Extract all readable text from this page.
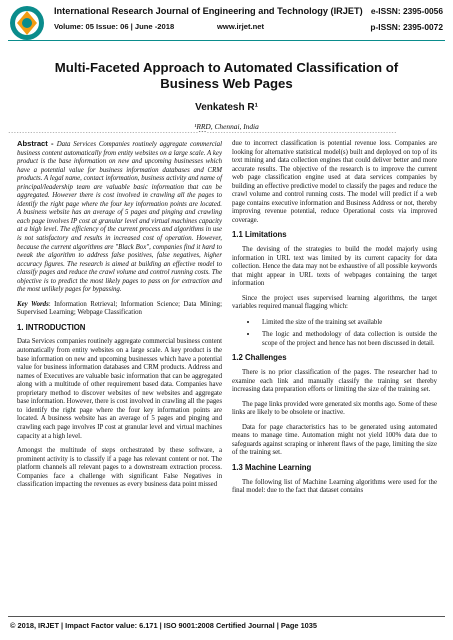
International Research Journal of Engineering and Technology (IRJET) e-ISSN: 2395-0056
Volume: 05 Issue: 06 | June -2018	www.irjet.net	p-ISSN: 2395-0072
Multi-Faceted Approach to Automated Classification of Business Web Pages
Venkatesh R¹
¹RRD, Chennai, India
---------------------------------------------------------------------***---------------------------------------------------------------------

Abstract - Data Services Companies routinely aggregate commercial business content automatically from entity websites on a large scale. A key product is the base information on new and upcoming businesses which have a potential value for business information databases and CRM products. A legal name, contact information, business activity and name of principal/leadership team are valuable basic information that can be aggregated. However there is cost involved in crawling all the pages to identify the right page where the four key information points are located. A business website has an average of 5 pages and pinging and crawling each page involves IP cost at granular level and virtual machines capacity at a high level. The efficiency of the current process and algorithms in use is not satisfactory and results in increased cost of operation. However, because the current algorithms are "Black Box", companies find it hard to tweak the algorithm to address false positives, false negatives, higher accuracy figures. The research is aimed at building an effective model to classify pages and reduce the crawl volume and control running costs. The objective is to predict the most likely pages to pass on for extraction and the most unlikely pages for bypassing.

Key Words: Information Retrieval; Information Science; Data Mining; Supervised Learning; Webpage Classification

1. INTRODUCTION

Data Services companies routinely aggregate commercial business content automatically from entity websites on a large scale. A key product is the base information on new and upcoming businesses which have a potential value for business information databases and CRM products. Address and names of Executives are valuable basic information that can be aggregated along with a multitude of other requirement based data. Companies have proprietary method to discover websites of new websites and aggregate base information. However, there is cost involved in crawling all the pages to identify the right page where the four key information points are located. A business website has an average of 5 pages and pinging and crawling each page involves IP cost at granular level and virtual machines capacity at a high level.

Amongst the multitude of steps orchestrated by these software, a prominent activity is to classify if a page has relevant content or not. The platform channels all relevant pages to a downstream extraction process. Companies face a challenge with significant False Negatives in classification impacting the revenues as every business data point missed

due to incorrect classification is potential revenue loss. Companies are looking for alternative statistical model(s) built and deployed on top of its text mining and data collection engines that could deliver better and more accurate results. The objective of the research is to improve the current web page classification engine used at data services companies by building an effective predictive model to classify the pages and reduce the crawl volume and control running costs. The model will predict if a web page contains executive information and Business Address or not, thereby improving revenue potential, reduce Operational costs via improved coverage.

1.1 Limitations

The devising of the strategies to build the model majorly using information in URL text was limited by its current capacity for data collection. Hence the data may not be exhaustive of all possible keywords that might appear in URL texts of webpages containing the target information

Since the project uses supervised learning algorithms, the target variables required manual flagging which:

• Limited the size of the training set available
• The logic and methodology of data collection is outside the scope of the project and hence has not been discussed in detail.
1.2 Challenges

There is no prior classification of the pages. The researcher had to examine each link and manually classify the training set thereby increasing data preparation efforts or limiting the size of the training set.

The page links provided were generated six months ago. Some of these links are likely to be obsolete or inactive.

Data for page characteristics has to be generated using automated means to manage time. Automation might not yield 100% data due to safeguards against scraping or inherent flaws of the page, limiting the size of the training set.

1.3 Machine Learning

The following list of Machine Learning algorithms were used for the final model: due to the fact that dataset contains

© 2018, IRJET | Impact Factor value: 6.171 | ISO 9001:2008 Certified Journal | Page 1035
